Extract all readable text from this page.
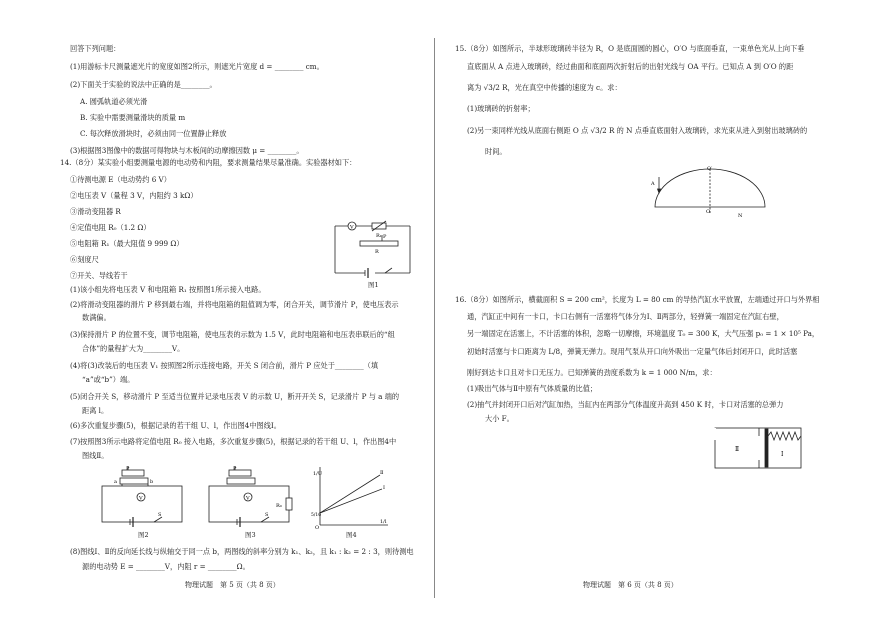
回答下列问题：
(1)用游标卡尺测量遮光片的宽度如图2所示，则遮光片宽度 d = ________ cm。
(2)下面关于实验的说法中正确的是________。
A. 圆弧轨道必须光滑
B. 实验中需要测量滑块的质量 m
C. 每次释放滑块时，必须由同一位置静止释放
(3)根据图3图像中的数据可得物块与木板间的动摩擦因数 μ = ________。
14.（8分）某实验小组要测量电源的电动势和内阻，要求测量结果尽量准确。实验器材如下：
①待测电源 E（电动势约 6 V）
②电压表 V（量程 3 V，内阻约 3 kΩ）
③滑动变阻器 R
④定值电阻 R₀（1.2 Ω）
⑤电阻箱 R₁（最大阻值 9 999 Ω）
⑥刻度尺
⑦开关、导线若干
(1)该小组先将电压表 V 和电阻箱 R₁ 按照图1所示接入电路。
(2)将滑动变阻器的滑片 P 移到最右端，并将电阻箱的阻值调为零，闭合开关，调节滑片 P，使电压表示
数满偏。
(3)保持滑片 P 的位置不变，调节电阻箱，使电压表的示数为 1.5 V，此时电阻箱和电压表串联后的“组
合体”的量程扩大为________V。
(4)将(3)改装后的电压表 V₁ 按照图2所示连接电路，开关 S 闭合前，滑片 P 应处于________（填
“a”或“b”）端。
(5)闭合开关 S，移动滑片 P 至适当位置并记录电压表 V 的示数 U，断开开关 S，记录滑片 P 与 a 端的
距离 l。
(6)多次重复步骤(5)，根据记录的若干组 U、l，作出图4中图线Ⅰ。
(7)按照图3所示电路将定值电阻 R₀ 接入电路，多次重复步骤(5)，根据记录的若干组 U、l，作出图4中
图线Ⅱ。
(8)图线Ⅰ、Ⅱ的反向延长线与纵轴交于同一点 b，两图线的斜率分别为 k₁、k₂，且 k₁ : k₂ = 2 : 3，则待测电
源的电动势 E = ________V，内阻 r = ________Ω。
V
R₁ P
R
图1
V
P
a	b
S
图2
V
P
R₀
S
图3
1/U
1/l
Ⅱ
Ⅰ
5/16
O
图4
物理试题　第 5 页（共 8 页）
15.（8分）如图所示，半球形玻璃砖半径为 R，O 是底面圆的圆心，O′O 与底面垂直，一束单色光从上向下垂
直底面从 A 点进入玻璃砖，经过曲面和底面两次折射后的出射光线与 OA 平行。已知点 A 到 O′O 的距
离为 √3/2 R，光在真空中传播的速度为 c。求：
(1)玻璃砖的折射率；
(2)另一束同样光线从底面右侧距 O 点 √3/2 R 的 N 点垂直底面射入玻璃砖，求光束从进入到射出玻璃砖的
时间。
O′
A
O
N
16.（8分）如图所示，横截面积 S = 200 cm²，长度为 L = 80 cm 的导热汽缸水平放置，左端通过开口与外界相
通，汽缸正中间有一卡口，卡口右侧有一活塞将气体分为Ⅰ、Ⅱ两部分，轻弹簧一端固定在汽缸右壁，
另一端固定在活塞上，不计活塞的体积，忽略一切摩擦，环境温度 T₀ = 300 K，大气压强 p₀ = 1 × 10⁵ Pa，
初始时活塞与卡口距离为 L/8，弹簧无弹力。现用气泵从开口向外吸出一定量气体后封闭开口，此时活塞
刚好到达卡口且对卡口无压力。已知弹簧的劲度系数为 k = 1 000 N/m，求：
(1)吸出气体与Ⅱ中原有气体质量的比值；
(2)抽气并封闭开口后对汽缸加热，当缸内在两部分气体温度升高到 450 K 时，卡口对活塞的总弹力
大小 F。
Ⅱ
Ⅰ
物理试题　第 6 页（共 8 页）
